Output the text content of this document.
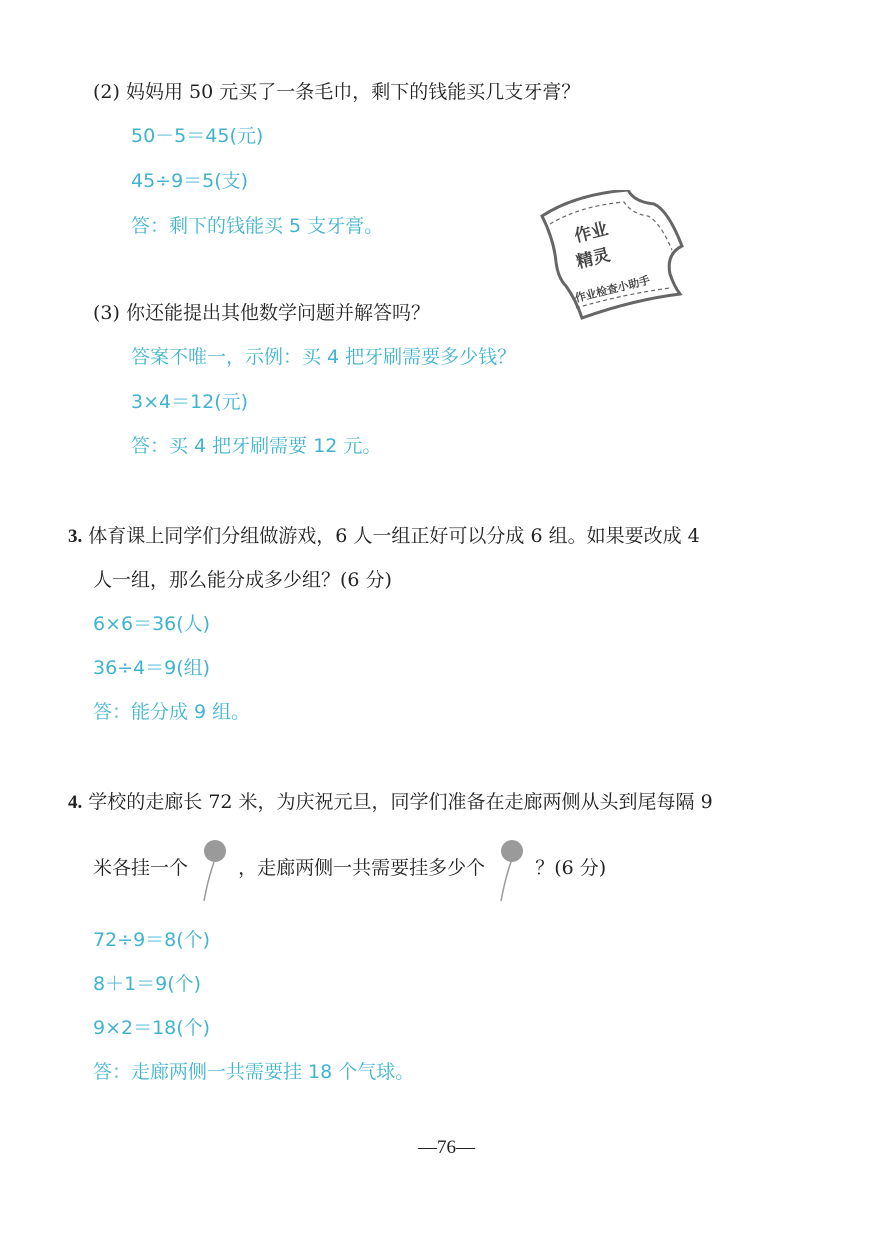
(2) 妈妈用 50 元买了一条毛巾，剩下的钱能买几支牙膏？
50－5＝45(元)
45÷9＝5(支)
答：剩下的钱能买 5 支牙膏。	作业
精灵
作业检查小助手
(3) 你还能提出其他数学问题并解答吗？
答案不唯一，示例：买 4 把牙刷需要多少钱？
3×4＝12(元)
答：买 4 把牙刷需要 12 元。
3. 体育课上同学们分组做游戏，6 人一组正好可以分成 6 组。如果要改成 4
人一组，那么能分成多少组？(6 分)
6×6＝36(人)
36÷4＝9(组)
答：能分成 9 组。
4. 学校的走廊长 72 米，为庆祝元旦，同学们准备在走廊两侧从头到尾每隔 9
米各挂一个	，走廊两侧一共需要挂多少个	？(6 分)
72÷9＝8(个)
8＋1＝9(个)
9×2＝18(个)
答：走廊两侧一共需要挂 18 个气球。
—76—
